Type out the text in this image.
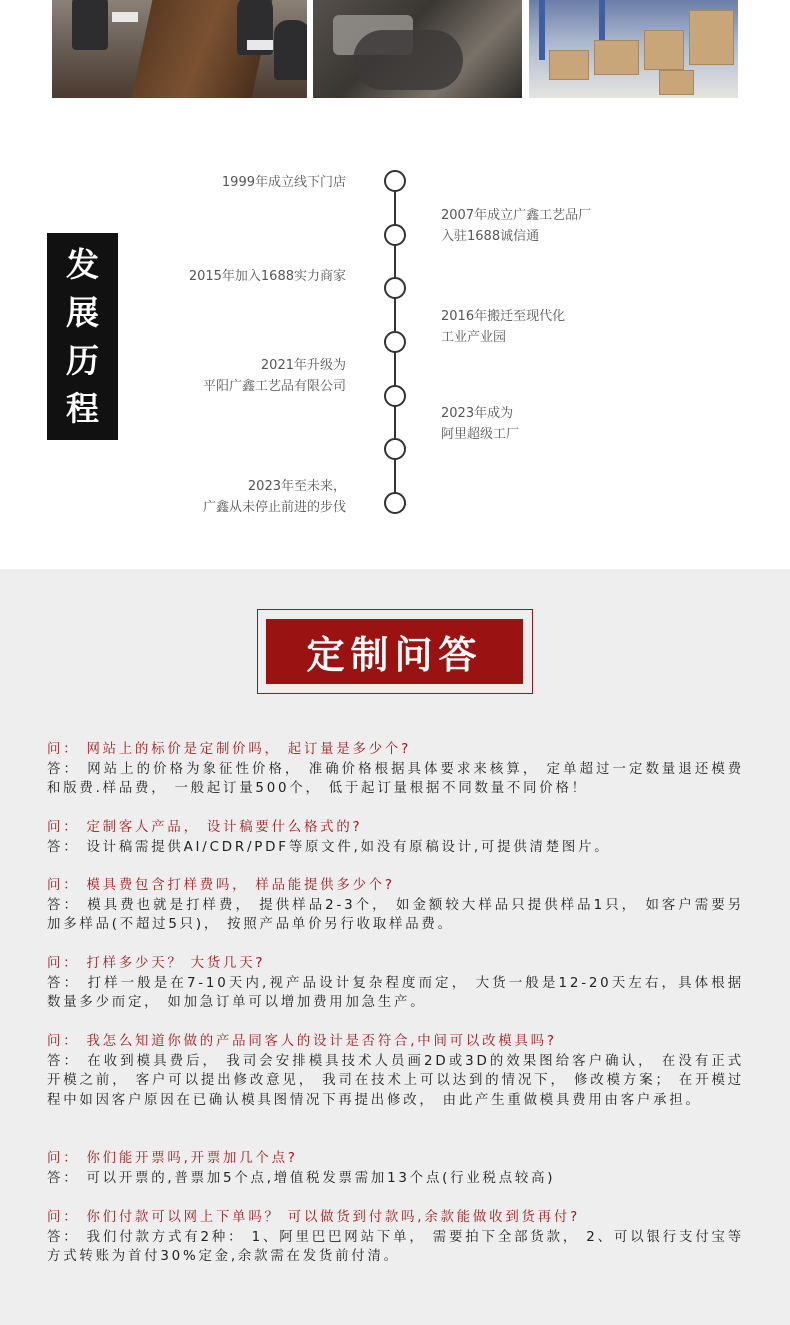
发
展
历
程
1999年成立线下门店
2007年成立广鑫工艺品厂
入驻1688诚信通
2015年加入1688实力商家
2016年搬迁至现代化
工业产业园
2021年升级为
平阳广鑫工艺品有限公司
2023年成为
阿里超级工厂
2023年至未来，
广鑫从未停止前进的步伐
定制问答
问： 网站上的标价是定制价吗， 起订量是多少个?
答： 网站上的价格为象征性价格， 准确价格根据具体要求来核算， 定单超过一定数量退还模费和版费.样品费， 一般起订量500个， 低于起订量根据不同数量不同价格！
问： 定制客人产品， 设计稿要什么格式的?
答： 设计稿需提供AI/CDR/PDF等原文件,如没有原稿设计,可提供清楚图片。
问： 模具费包含打样费吗， 样品能提供多少个?
答： 模具费也就是打样费， 提供样品2-3个， 如金额较大样品只提供样品1只， 如客户需要另加多样品(不超过5只)， 按照产品单价另行收取样品费。
问： 打样多少天？ 大货几天?
答： 打样一般是在7-10天内,视产品设计复杂程度而定， 大货一般是12-20天左右，具体根据数量多少而定， 如加急订单可以增加费用加急生产。
问： 我怎么知道你做的产品同客人的设计是否符合,中间可以改模具吗?
答： 在收到模具费后， 我司会安排模具技术人员画2D或3D的效果图给客户确认， 在没有正式开模之前， 客户可以提出修改意见， 我司在技术上可以达到的情况下， 修改模方案； 在开模过程中如因客户原因在已确认模具图情况下再提出修改， 由此产生重做模具费用由客户承担。
问： 你们能开票吗,开票加几个点?
答： 可以开票的,普票加5个点,增值税发票需加13个点(行业税点较高)
问： 你们付款可以网上下单吗？ 可以做货到付款吗,余款能做收到货再付?
答： 我们付款方式有2种： 1、阿里巴巴网站下单， 需要拍下全部货款， 2、可以银行支付宝等方式转账为首付30%定金,余款需在发货前付清。
